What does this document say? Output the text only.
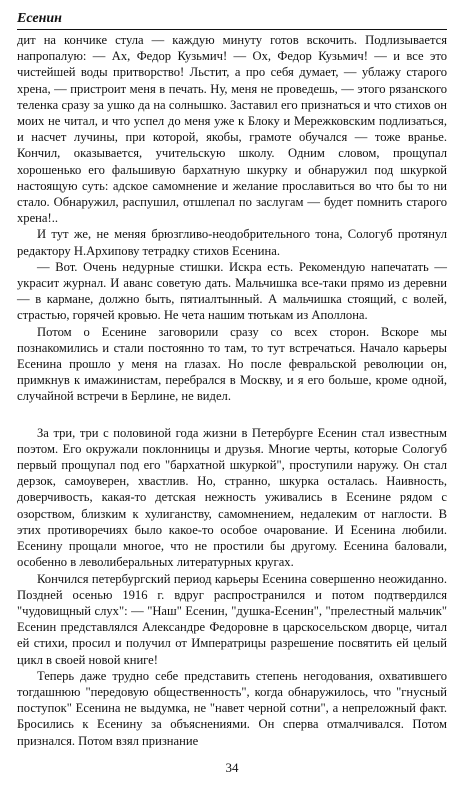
Есенин

дит на кончике стула — каждую минуту готов вскочить. Подлизывается напропалую: — Ах, Федор Кузьмич! — Ох, Федор Кузьмич! — и все это чистейшей воды притворство! Льстит, а про себя думает, — ублажу старого хрена, — пристроит меня в печать. Ну, меня не проведешь, — этого рязанского теленка сразу за ушко да на солнышко. Заставил его признаться и что стихов он моих не читал, и что успел до меня уже к Блоку и Мережковским подлизаться, и насчет лучины, при которой, якобы, грамоте обучался — тоже вранье. Кончил, оказывается, учительскую школу. Одним словом, прощупал хорошенько его фальшивую бархатную шкурку и обнаружил под шкуркой настоящую суть: адское самомнение и желание прославиться во что бы то ни стало. Обнаружил, распушил, отшлепал по заслугам — будет помнить старого хрена!..

И тут же, не меняя брюзгливо-неодобрительного тона, Сологуб протянул редактору Н.Архипову тетрадку стихов Есенина.

— Вот. Очень недурные стишки. Искра есть. Рекомендую напечатать — украсит журнал. И аванс советую дать. Мальчишка все-таки прямо из деревни — в кармане, должно быть, пятиалтынный. А мальчишка стоящий, с волей, страстью, горячей кровью. Не чета нашим тютькам из Аполлона.

Потом о Есенине заговорили сразу со всех сторон. Вскоре мы познакомились и стали постоянно то там, то тут встречаться. Начало карьеры Есенина прошло у меня на глазах. Но после февральской революции он, примкнув к имажинистам, перебрался в Москву, и я его больше, кроме одной, случайной встречи в Берлине, не видел.

За три, три с половиной года жизни в Петербурге Есенин стал известным поэтом. Его окружали поклонницы и друзья. Многие черты, которые Сологуб первый прощупал под его "бархатной шкуркой", проступили наружу. Он стал дерзок, самоуверен, хвастлив. Но, странно, шкурка осталась. Наивность, доверчивость, какая-то детская нежность уживались в Есенине рядом с озорством, близким к хулиганству, самомнением, недалеким от наглости. В этих противоречиях было какое-то особое очарование. И Есенина любили. Есенину прощали многое, что не простили бы другому. Есенина баловали, особенно в леволиберальных литературных кругах.

Кончился петербургский период карьеры Есенина совершенно неожиданно. Поздней осенью 1916 г. вдруг распространился и потом подтвердился "чудовищный слух": — "Наш" Есенин, "душка-Есенин", "прелестный мальчик" Есенин представлялся Александре Федоровне в царскосельском дворце, читал ей стихи, просил и получил от Императрицы разрешение посвятить ей целый цикл в своей новой книге!

Теперь даже трудно себе представить степень негодования, охватившего тогдашнюю "передовую общественность", когда обнаружилось, что "гнусный поступок" Есенина не выдумка, не "навет черной сотни", а непреложный факт. Бросились к Есенину за объяснениями. Он сперва отмалчивался. Потом признался. Потом взял признание

34
